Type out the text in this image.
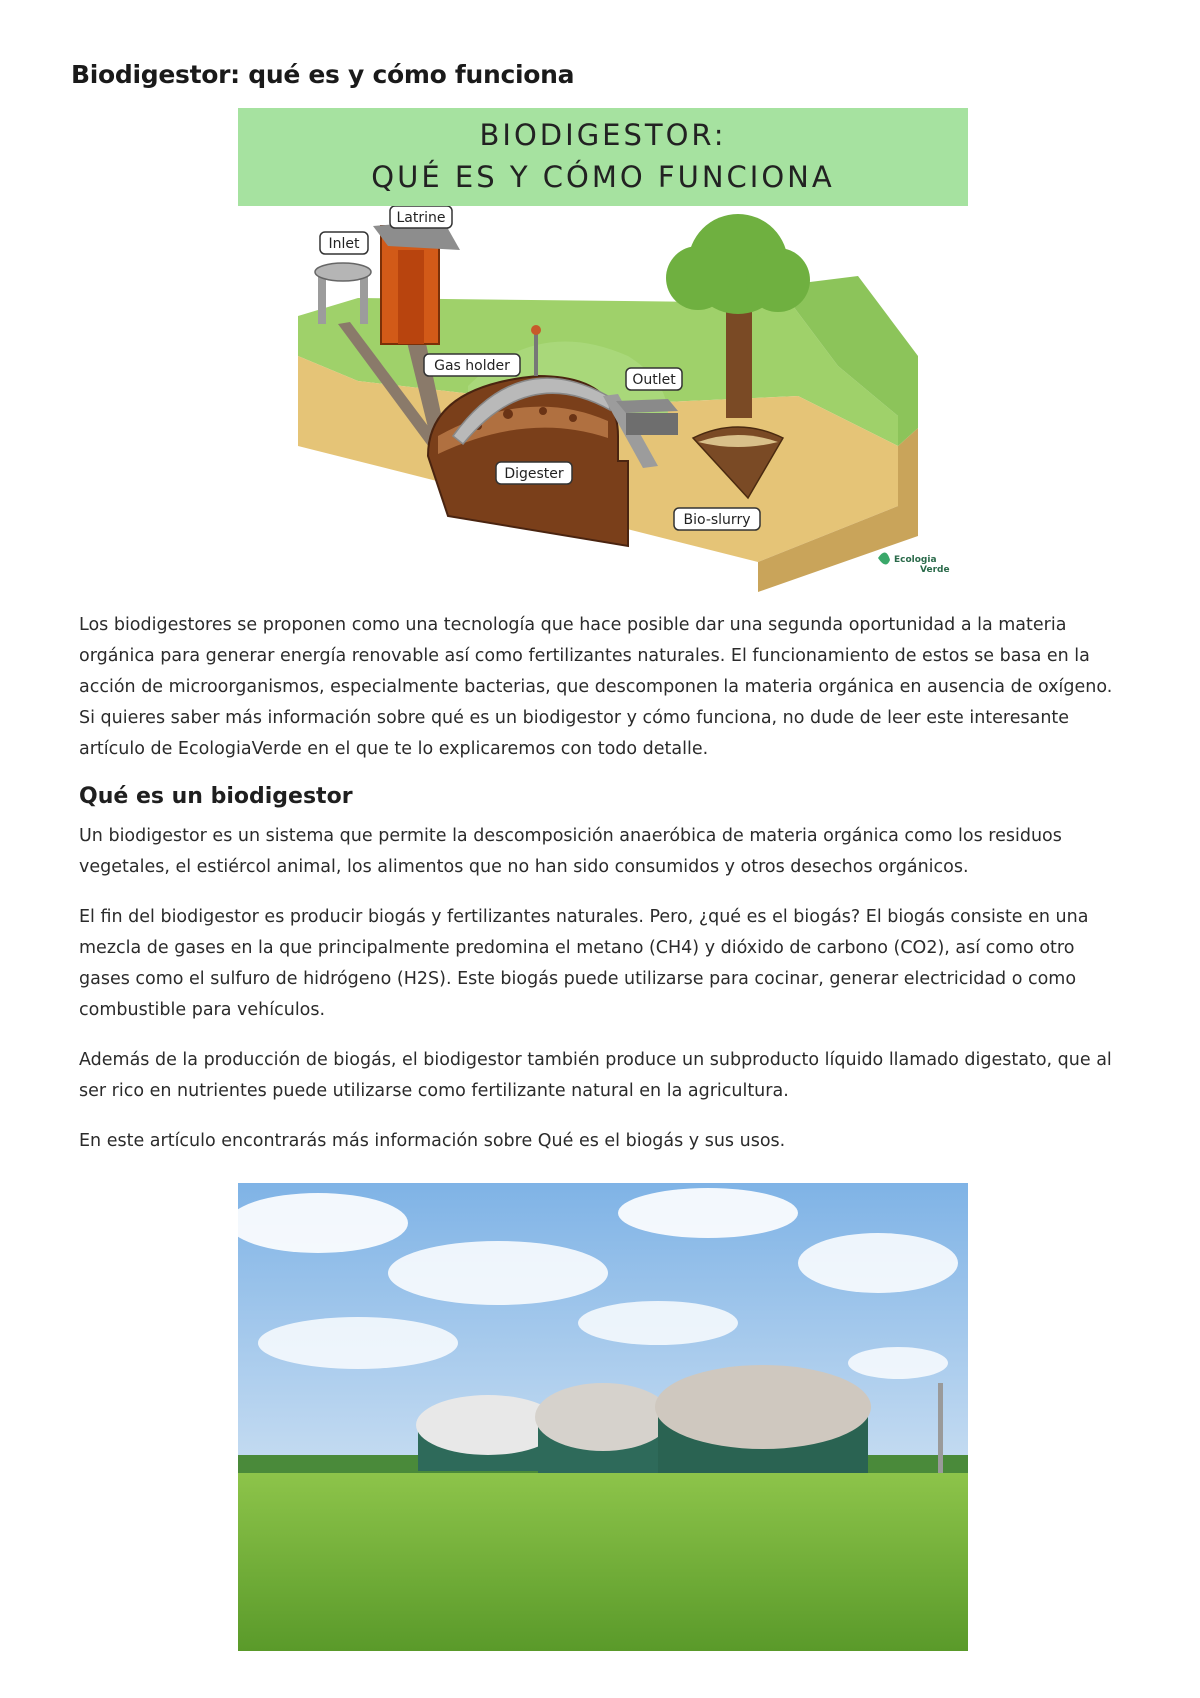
Biodigestor: qué es y cómo funciona
BIODIGESTOR:
QUÉ ES Y CÓMO FUNCIONA
Latrine
Inlet
Gas holder
Outlet
Digester
Bio-slurry
Ecologia
Verde

Los biodigestores se proponen como una tecnología que hace posible dar una segunda oportunidad a la materia orgánica para generar energía renovable así como fertilizantes naturales. El funcionamiento de estos se basa en la acción de microorganismos, especialmente bacterias, que descomponen la materia orgánica en ausencia de oxígeno. Si quieres saber más información sobre qué es un biodigestor y cómo funciona, no dude de leer este interesante artículo de EcologiaVerde en el que te lo explicaremos con todo detalle.

Qué es un biodigestor

Un biodigestor es un sistema que permite la descomposición anaeróbica de materia orgánica como los residuos vegetales, el estiércol animal, los alimentos que no han sido consumidos y otros desechos orgánicos.

El fin del biodigestor es producir biogás y fertilizantes naturales. Pero, ¿qué es el biogás? El biogás consiste en una mezcla de gases en la que principalmente predomina el metano (CH4) y dióxido de carbono (CO2), así como otro gases como el sulfuro de hidrógeno (H2S). Este biogás puede utilizarse para cocinar, generar electricidad o como combustible para vehículos.

Además de la producción de biogás, el biodigestor también produce un subproducto líquido llamado digestato, que al ser rico en nutrientes puede utilizarse como fertilizante natural en la agricultura.

En este artículo encontrarás más información sobre Qué es el biogás y sus usos.
